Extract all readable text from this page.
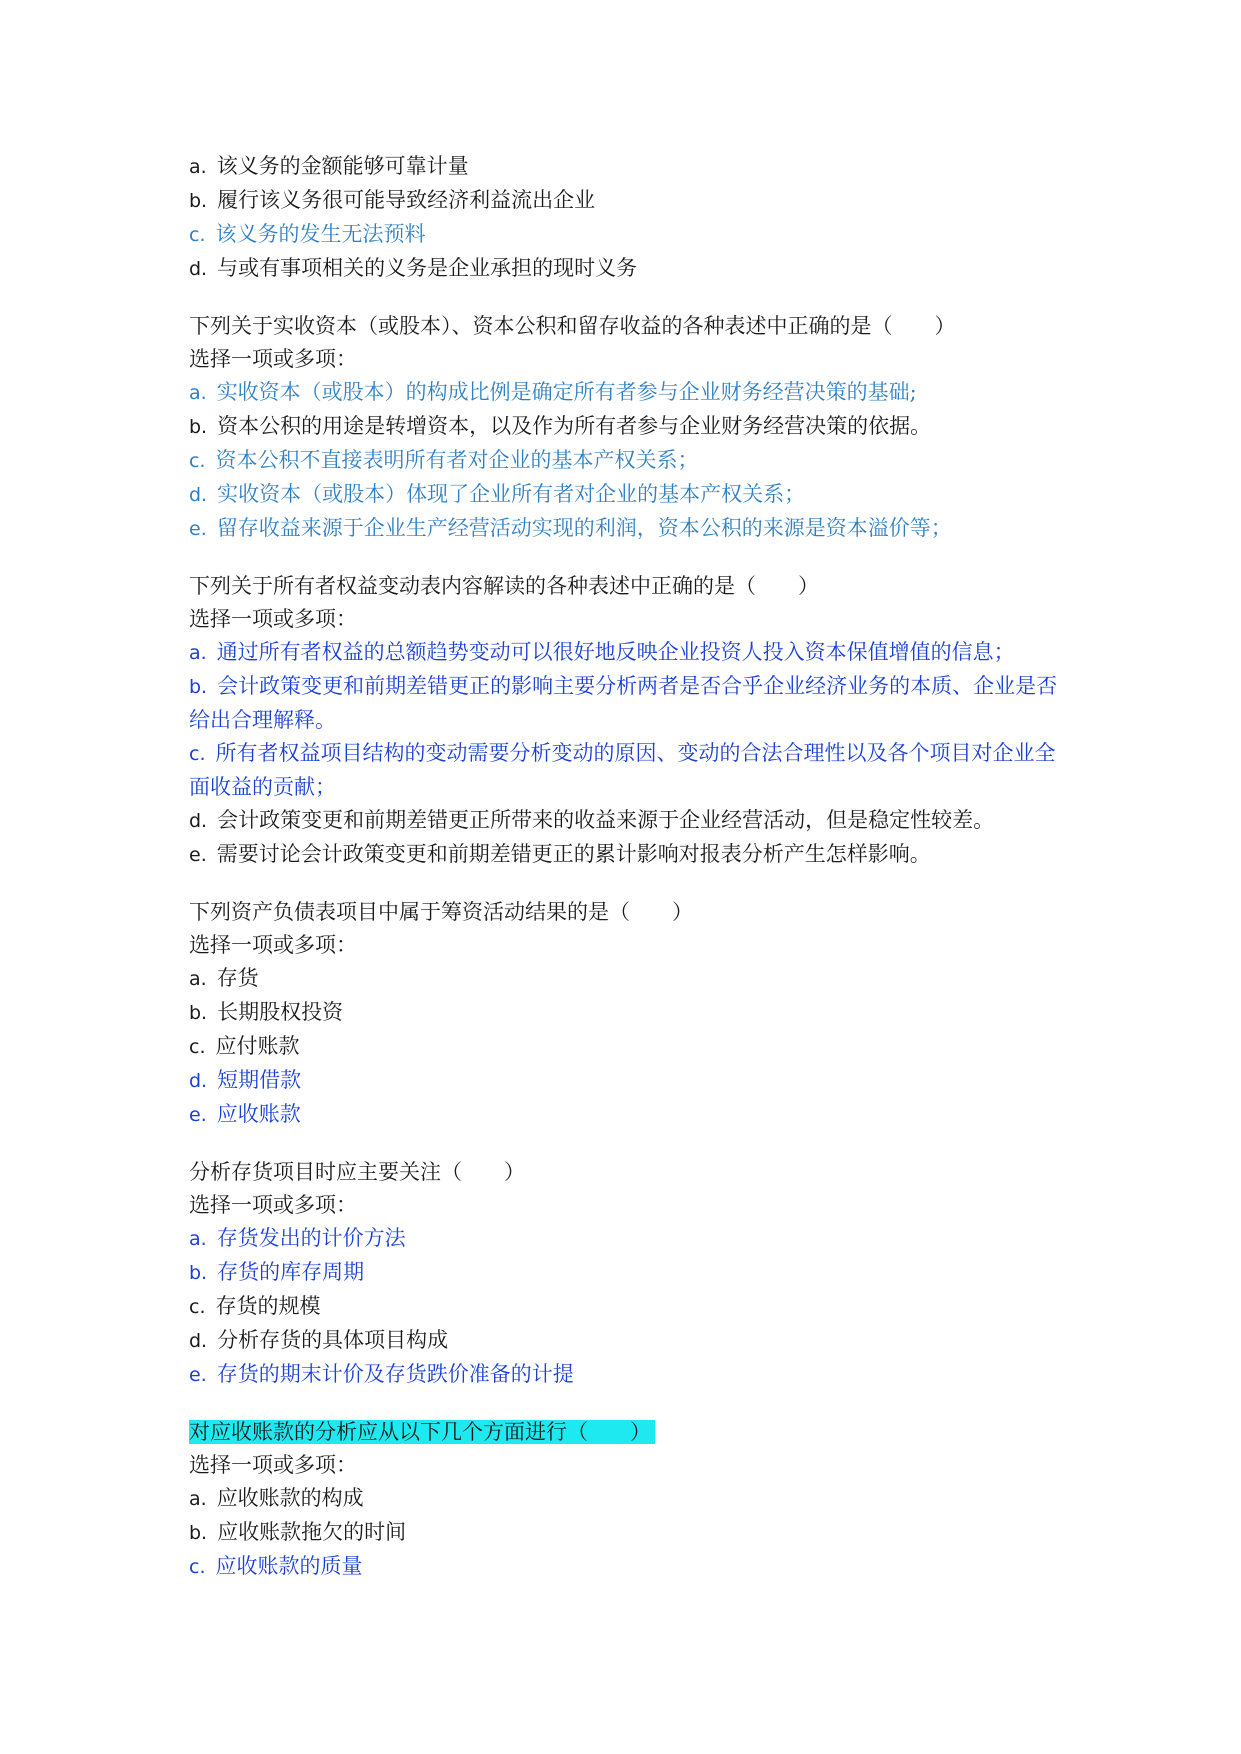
a. 该义务的金额能够可靠计量

b. 履行该义务很可能导致经济利益流出企业

c. 该义务的发生无法预料

d. 与或有事项相关的义务是企业承担的现时义务

下列关于实收资本（或股本）、资本公积和留存收益的各种表述中正确的是（　　）

选择一项或多项：

a. 实收资本（或股本）的构成比例是确定所有者参与企业财务经营决策的基础;

b. 资本公积的用途是转增资本，以及作为所有者参与企业财务经营决策的依据。

c. 资本公积不直接表明所有者对企业的基本产权关系；

d. 实收资本（或股本）体现了企业所有者对企业的基本产权关系；

e. 留存收益来源于企业生产经营活动实现的利润，资本公积的来源是资本溢价等；

下列关于所有者权益变动表内容解读的各种表述中正确的是（　　）

选择一项或多项：

a. 通过所有者权益的总额趋势变动可以很好地反映企业投资人投入资本保值增值的信息；

b. 会计政策变更和前期差错更正的影响主要分析两者是否合乎企业经济业务的本质、企业是否给出合理解释。

c. 所有者权益项目结构的变动需要分析变动的原因、变动的合法合理性以及各个项目对企业全面收益的贡献；

d. 会计政策变更和前期差错更正所带来的收益来源于企业经营活动，但是稳定性较差。

e. 需要讨论会计政策变更和前期差错更正的累计影响对报表分析产生怎样影响。

下列资产负债表项目中属于筹资活动结果的是（　　）

选择一项或多项：

a. 存货

b. 长期股权投资

c. 应付账款

d. 短期借款

e. 应收账款

分析存货项目时应主要关注（　　）

选择一项或多项：

a. 存货发出的计价方法

b. 存货的库存周期

c. 存货的规模

d. 分析存货的具体项目构成

e. 存货的期末计价及存货跌价准备的计提

对应收账款的分析应从以下几个方面进行（　　）

选择一项或多项：

a. 应收账款的构成

b. 应收账款拖欠的时间

c. 应收账款的质量
